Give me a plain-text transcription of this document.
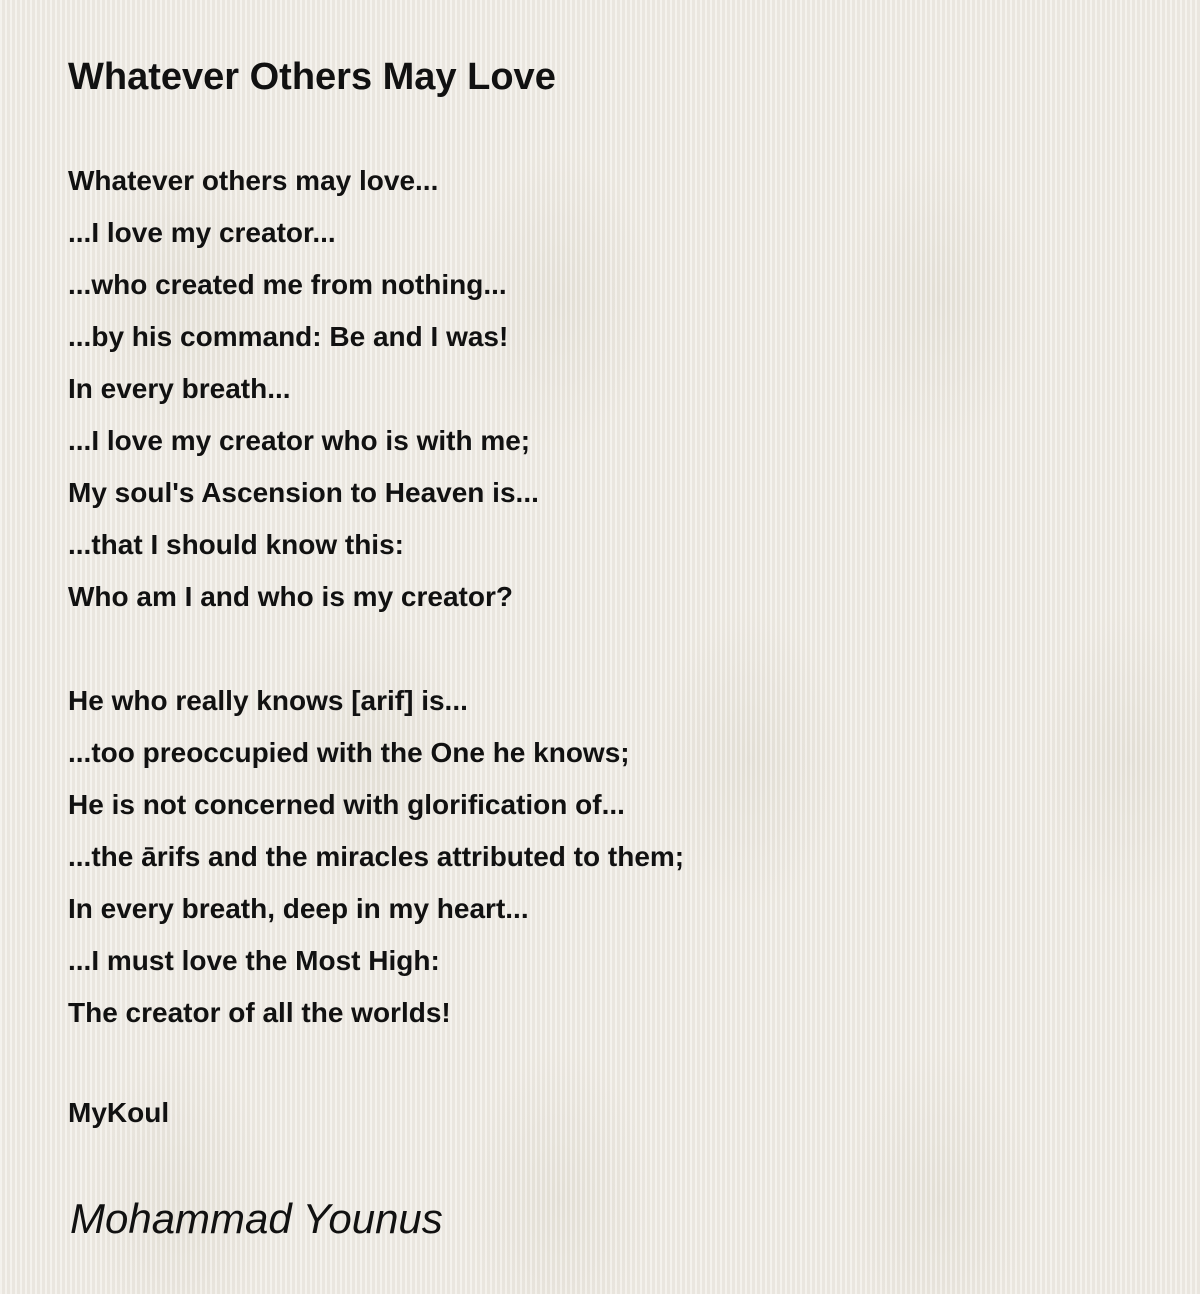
Whatever Others May Love
Whatever others may love...
...I love my creator...
...who created me from nothing...
...by his command: Be and I was!
In every breath...
...I love my creator who is with me;
My soul's Ascension to Heaven is...
...that I should know this:
Who am I and who is my creator?
He who really knows [arif] is...
...too preoccupied with the One he knows;
He is not concerned with glorification of...
...the ārifs and the miracles attributed to them;
In every breath, deep in my heart...
...I must love the Most High:
The creator of all the worlds!
MyKoul
Mohammad Younus
